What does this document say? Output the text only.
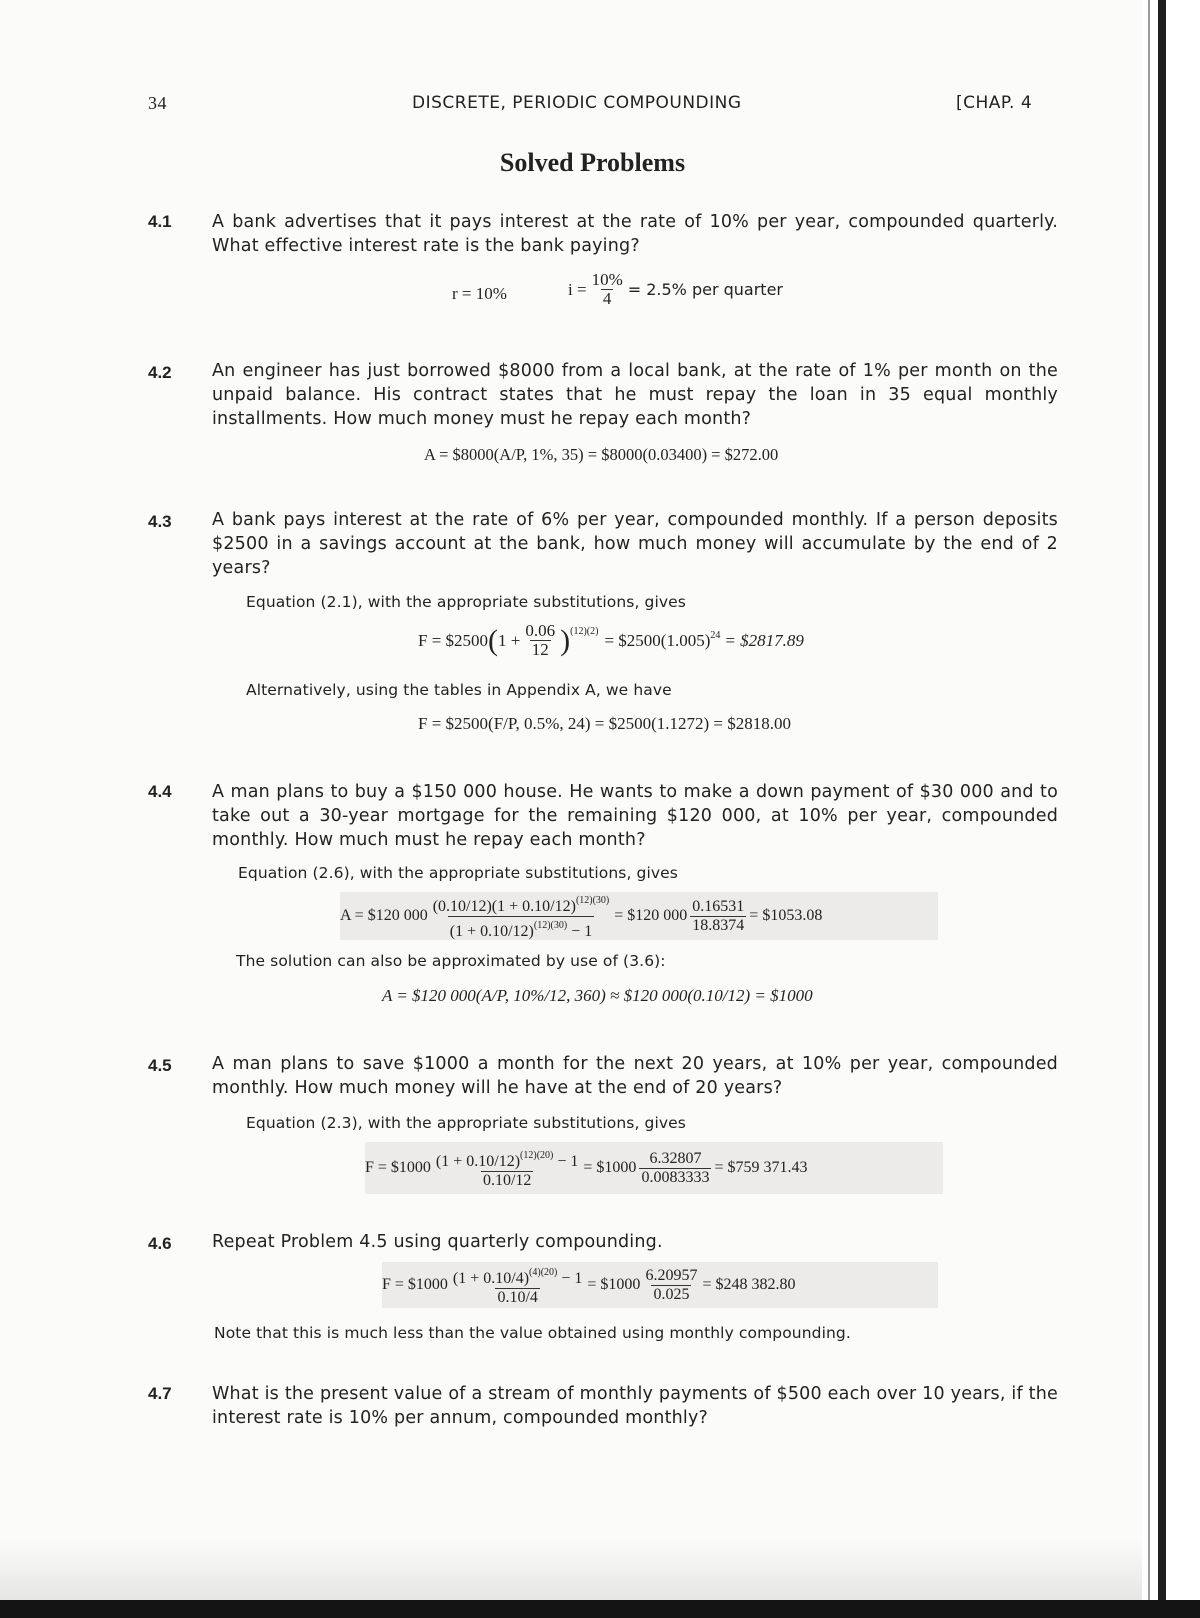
34	DISCRETE, PERIODIC COMPOUNDING	[CHAP. 4
Solved Problems
4.1 A bank advertises that it pays interest at the rate of 10% per year, compounded quarterly. What effective interest rate is the bank paying?
r = 10%	$i = \frac{10\%}{4} = 2.5\%$ per quarter
4.2 An engineer has just borrowed $8000 from a local bank, at the rate of 1% per month on the unpaid balance. His contract states that he must repay the loan in 35 equal monthly installments. How much money must he repay each month?
A = $8000(A/P, 1%, 35) = $8000(0.03400) = $272.00
4.3 A bank pays interest at the rate of 6% per year, compounded monthly. If a person deposits $2500 in a savings account at the bank, how much money will accumulate by the end of 2 years?
Equation (2.1), with the appropriate substitutions, gives
F = $2500 ( $1 + \frac{0.06}{12} )^{(12)(2)}$ = $\$2500(1.005)^{24}$ = $2817.89
Alternatively, using the tables in Appendix A, we have
F = $2500(F/P, 0.5%, 24) = $2500(1.1272) = $2818.00
4.4 A man plans to buy a $150 000 house. He wants to make a down payment of $30 000 and to take out a 30-year mortgage for the remaining $120 000, at 10% per year, compounded monthly. How much must he repay each month?
Equation (2.6), with the appropriate substitutions, gives
A = $120 $000 \frac{(0.10/12)(1 + 0.10/12)^{(12)(30)}}{(1 + 0.10/12)^{(12)(30)} - 1}$ = $120 $000 \frac{0.16531}{18.8374}$ = $1053.08
The solution can also be approximated by use of (3.6):
A = $120 000(A/P, 10%/12, 360) ≈ $120 000(0.10/12) = $1000
4.5 A man plans to save $1000 a month for the next 20 years, at 10% per year, compounded monthly. How much money will he have at the end of 20 years?
Equation (2.3), with the appropriate substitutions, gives
F = $1000 $\frac{(1 + 0.10/12)^{(12)(20)} - 1}{0.10/12}$ = $1000 $\frac{6.32807}{0.0083333}$ = $759 371.43
4.6 Repeat Problem 4.5 using quarterly compounding.
F = $1000 $\frac{(1 + 0.10/4)^{(4)(20)} - 1}{0.10/4}$ = $1000 $\frac{6.20957}{0.025}$ = $248 382.80
Note that this is much less than the value obtained using monthly compounding.
4.7 What is the present value of a stream of monthly payments of $500 each over 10 years, if the interest rate is 10% per annum, compounded monthly?
